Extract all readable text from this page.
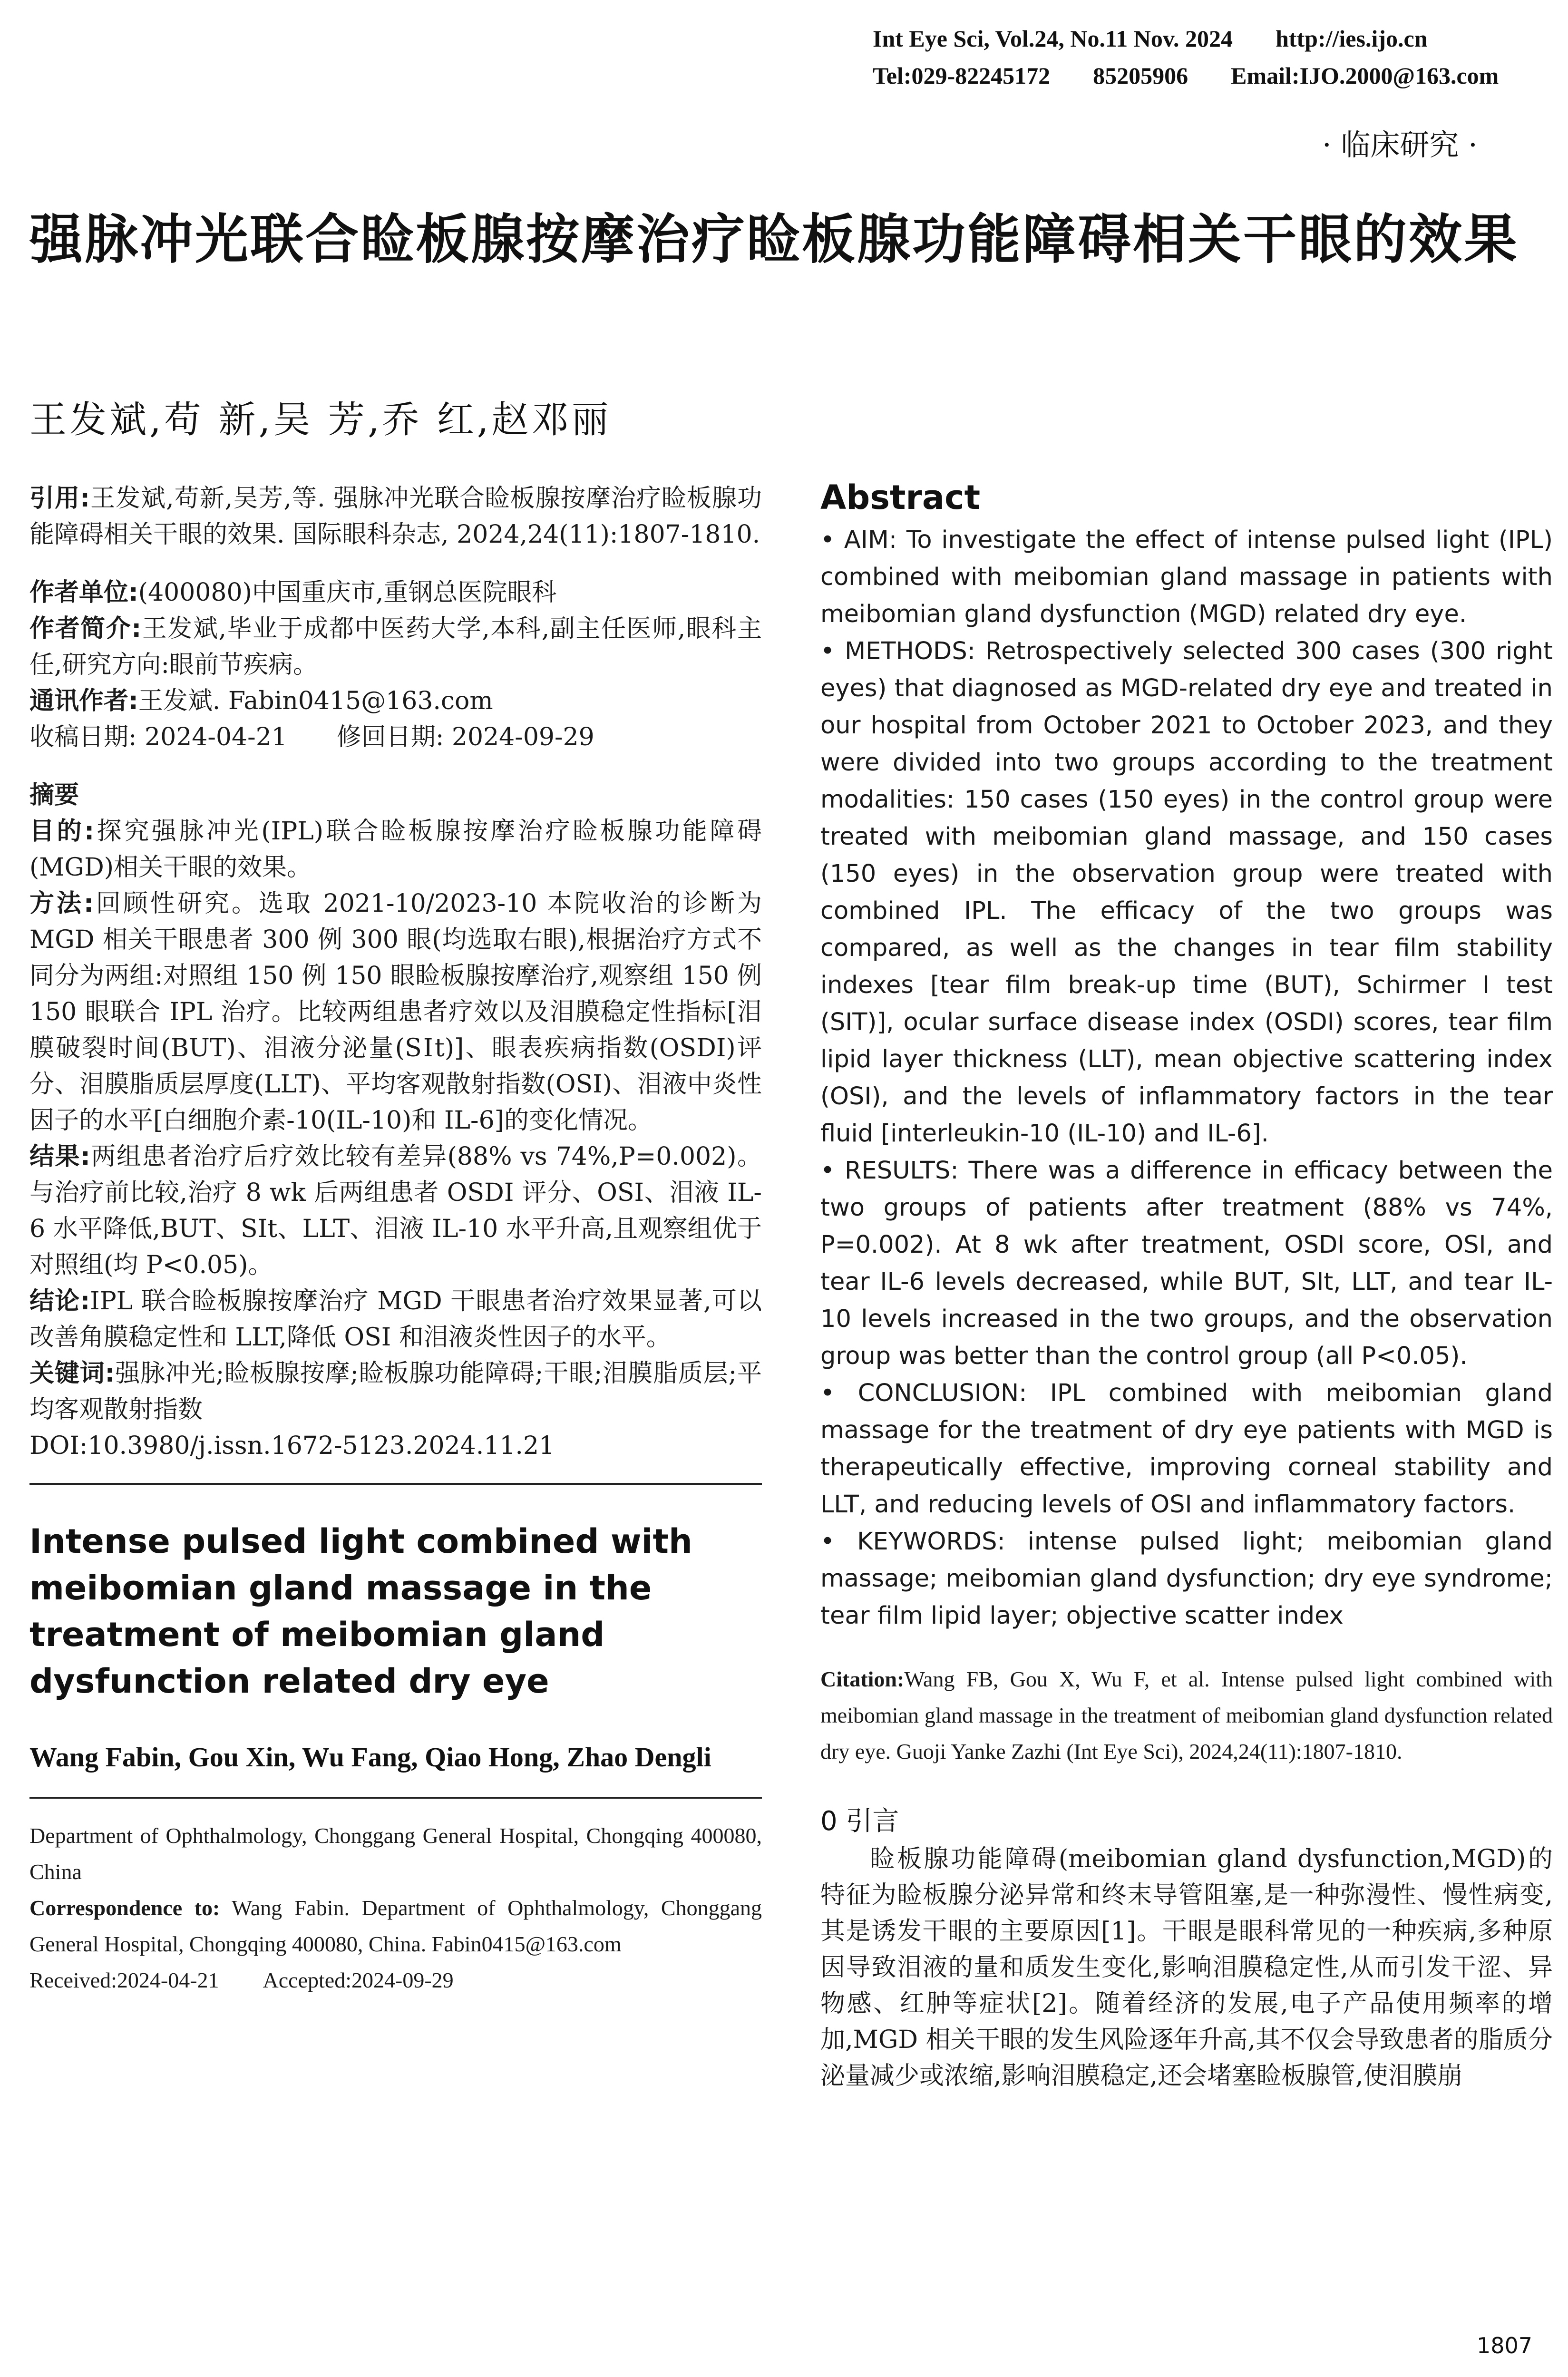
Int Eye Sci, Vol.24, No.11 Nov. 2024 http://ies.ijo.cn
Tel:029-82245172 85205906 Email:IJO.2000@163.com
· 临床研究 ·
强脉冲光联合睑板腺按摩治疗睑板腺功能障碍相关干眼的效果
王发斌,苟 新,吴 芳,乔 红,赵邓丽

引用:王发斌,苟新,吴芳,等. 强脉冲光联合睑板腺按摩治疗睑板腺功能障碍相关干眼的效果. 国际眼科杂志, 2024,24(11):1807-1810.

作者单位:(400080)中国重庆市,重钢总医院眼科

作者简介:王发斌,毕业于成都中医药大学,本科,副主任医师,眼科主任,研究方向:眼前节疾病。

通讯作者:王发斌. Fabin0415@163.com

收稿日期: 2024-04-21　　修回日期: 2024-09-29

摘要

目的:探究强脉冲光(IPL)联合睑板腺按摩治疗睑板腺功能障碍(MGD)相关干眼的效果。

方法:回顾性研究。选取 2021-10/2023-10 本院收治的诊断为 MGD 相关干眼患者 300 例 300 眼(均选取右眼),根据治疗方式不同分为两组:对照组 150 例 150 眼睑板腺按摩治疗,观察组 150 例 150 眼联合 IPL 治疗。比较两组患者疗效以及泪膜稳定性指标[泪膜破裂时间(BUT)、泪液分泌量(SⅠt)]、眼表疾病指数(OSDI)评分、泪膜脂质层厚度(LLT)、平均客观散射指数(OSI)、泪液中炎性因子的水平[白细胞介素-10(IL-10)和 IL-6]的变化情况。

结果:两组患者治疗后疗效比较有差异(88% vs 74%,P=0.002)。与治疗前比较,治疗 8 wk 后两组患者 OSDI 评分、OSI、泪液 IL-6 水平降低,BUT、SⅠt、LLT、泪液 IL-10 水平升高,且观察组优于对照组(均 P<0.05)。

结论:IPL 联合睑板腺按摩治疗 MGD 干眼患者治疗效果显著,可以改善角膜稳定性和 LLT,降低 OSI 和泪液炎性因子的水平。

关键词:强脉冲光;睑板腺按摩;睑板腺功能障碍;干眼;泪膜脂质层;平均客观散射指数

DOI:10.3980/j.issn.1672-5123.2024.11.21

Intense pulsed light combined with meibomian gland massage in the treatment of meibomian gland dysfunction related dry eye
Wang Fabin, Gou Xin, Wu Fang, Qiao Hong, Zhao Dengli

Department of Ophthalmology, Chonggang General Hospital, Chongqing 400080, China

Correspondence to: Wang Fabin. Department of Ophthalmology, Chonggang General Hospital, Chongqing 400080, China. Fabin0415@163.com

Received:2024-04-21　　Accepted:2024-09-29

Abstract

• AIM: To investigate the effect of intense pulsed light (IPL) combined with meibomian gland massage in patients with meibomian gland dysfunction (MGD) related dry eye.

• METHODS: Retrospectively selected 300 cases (300 right eyes) that diagnosed as MGD-related dry eye and treated in our hospital from October 2021 to October 2023, and they were divided into two groups according to the treatment modalities: 150 cases (150 eyes) in the control group were treated with meibomian gland massage, and 150 cases (150 eyes) in the observation group were treated with combined IPL. The efficacy of the two groups was compared, as well as the changes in tear film stability indexes [tear film break-up time (BUT), Schirmer I test (SIT)], ocular surface disease index (OSDI) scores, tear film lipid layer thickness (LLT), mean objective scattering index (OSI), and the levels of inflammatory factors in the tear fluid [interleukin-10 (IL-10) and IL-6].

• RESULTS: There was a difference in efficacy between the two groups of patients after treatment (88% vs 74%, P=0.002). At 8 wk after treatment, OSDI score, OSI, and tear IL-6 levels decreased, while BUT, SIt, LLT, and tear IL-10 levels increased in the two groups, and the observation group was better than the control group (all P<0.05).

• CONCLUSION: IPL combined with meibomian gland massage for the treatment of dry eye patients with MGD is therapeutically effective, improving corneal stability and LLT, and reducing levels of OSI and inflammatory factors.

• KEYWORDS: intense pulsed light; meibomian gland massage; meibomian gland dysfunction; dry eye syndrome; tear film lipid layer; objective scatter index

Citation:Wang FB, Gou X, Wu F, et al. Intense pulsed light combined with meibomian gland massage in the treatment of meibomian gland dysfunction related dry eye. Guoji Yanke Zazhi (Int Eye Sci), 2024,24(11):1807-1810.

0 引言

睑板腺功能障碍(meibomian gland dysfunction,MGD)的特征为睑板腺分泌异常和终末导管阻塞,是一种弥漫性、慢性病变,其是诱发干眼的主要原因[1]。干眼是眼科常见的一种疾病,多种原因导致泪液的量和质发生变化,影响泪膜稳定性,从而引发干涩、异物感、红肿等症状[2]。随着经济的发展,电子产品使用频率的增加,MGD 相关干眼的发生风险逐年升高,其不仅会导致患者的脂质分泌量减少或浓缩,影响泪膜稳定,还会堵塞睑板腺管,使泪膜崩

1807
